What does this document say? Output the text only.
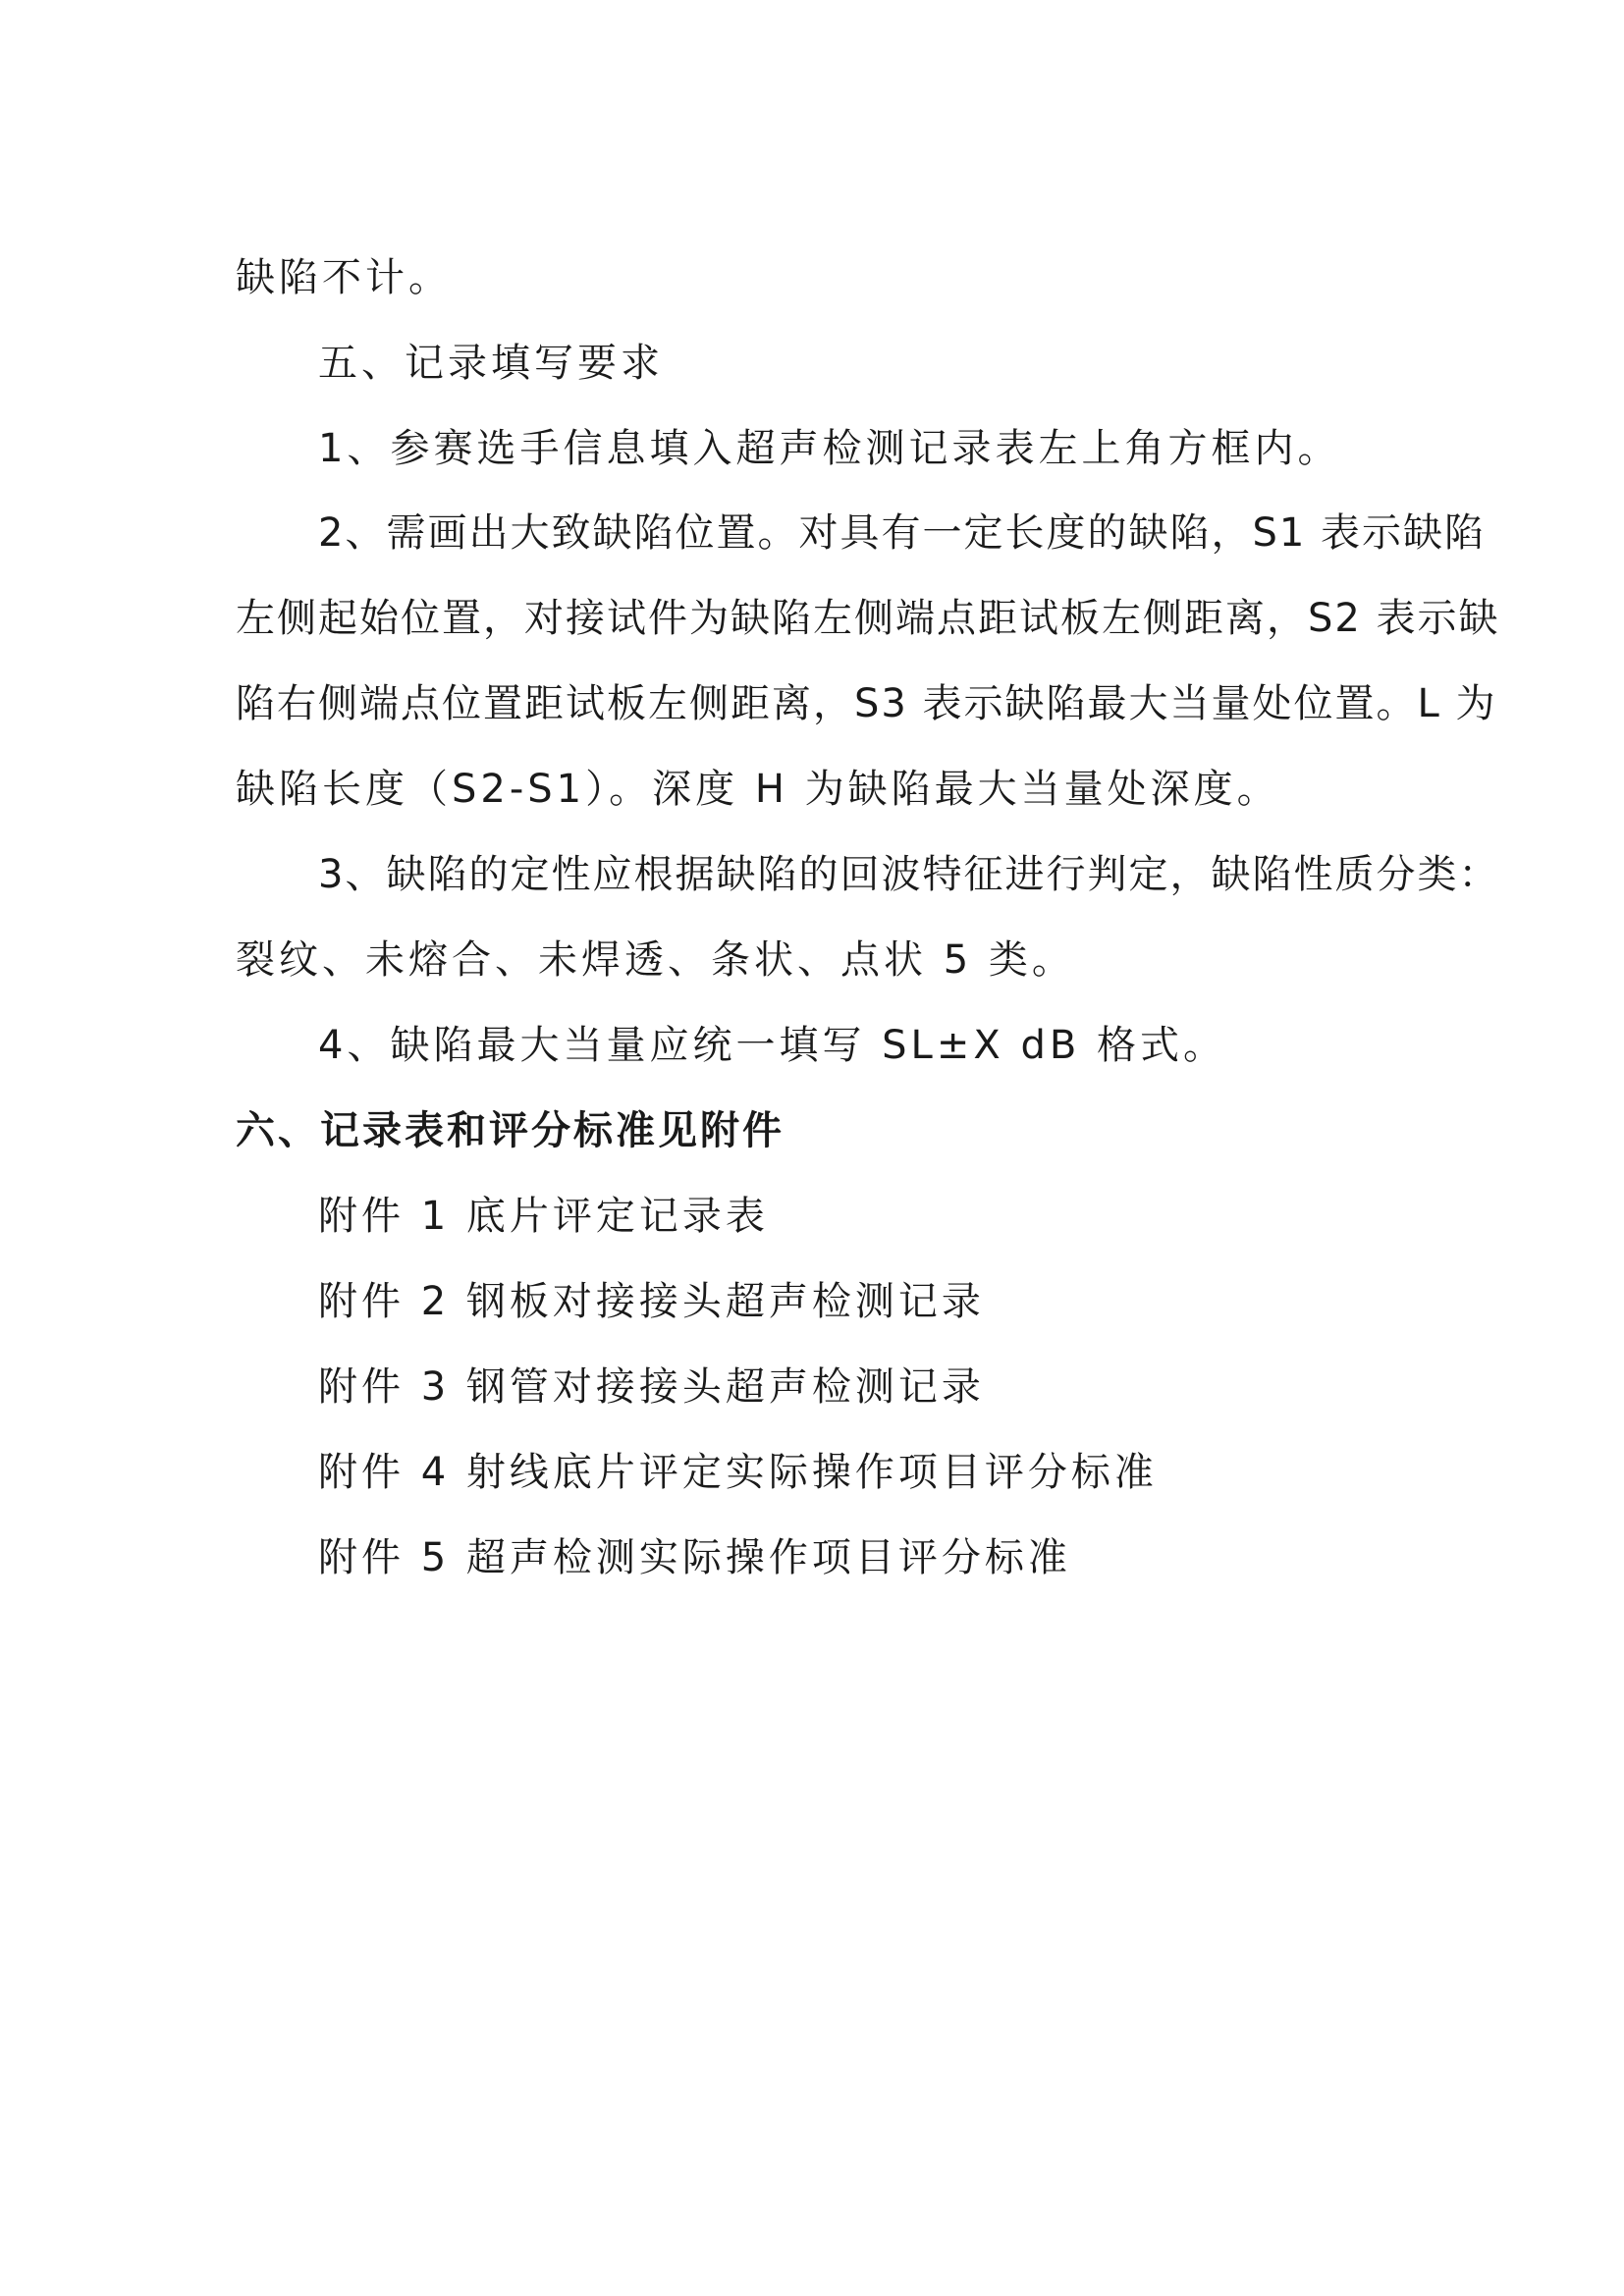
缺陷不计。
五、记录填写要求
1、参赛选手信息填入超声检测记录表左上角方框内。
2、需画出大致缺陷位置。对具有一定长度的缺陷，S1 表示缺陷
左侧起始位置，对接试件为缺陷左侧端点距试板左侧距离，S2 表示缺
陷右侧端点位置距试板左侧距离，S3 表示缺陷最大当量处位置。L 为
缺陷长度（S2-S1）。深度 H 为缺陷最大当量处深度。
3、缺陷的定性应根据缺陷的回波特征进行判定，缺陷性质分类：
裂纹、未熔合、未焊透、条状、点状 5 类。
4、缺陷最大当量应统一填写 SL±X dB 格式。
六、记录表和评分标准见附件
附件 1 底片评定记录表
附件 2 钢板对接接头超声检测记录
附件 3 钢管对接接头超声检测记录
附件 4 射线底片评定实际操作项目评分标准
附件 5 超声检测实际操作项目评分标准
